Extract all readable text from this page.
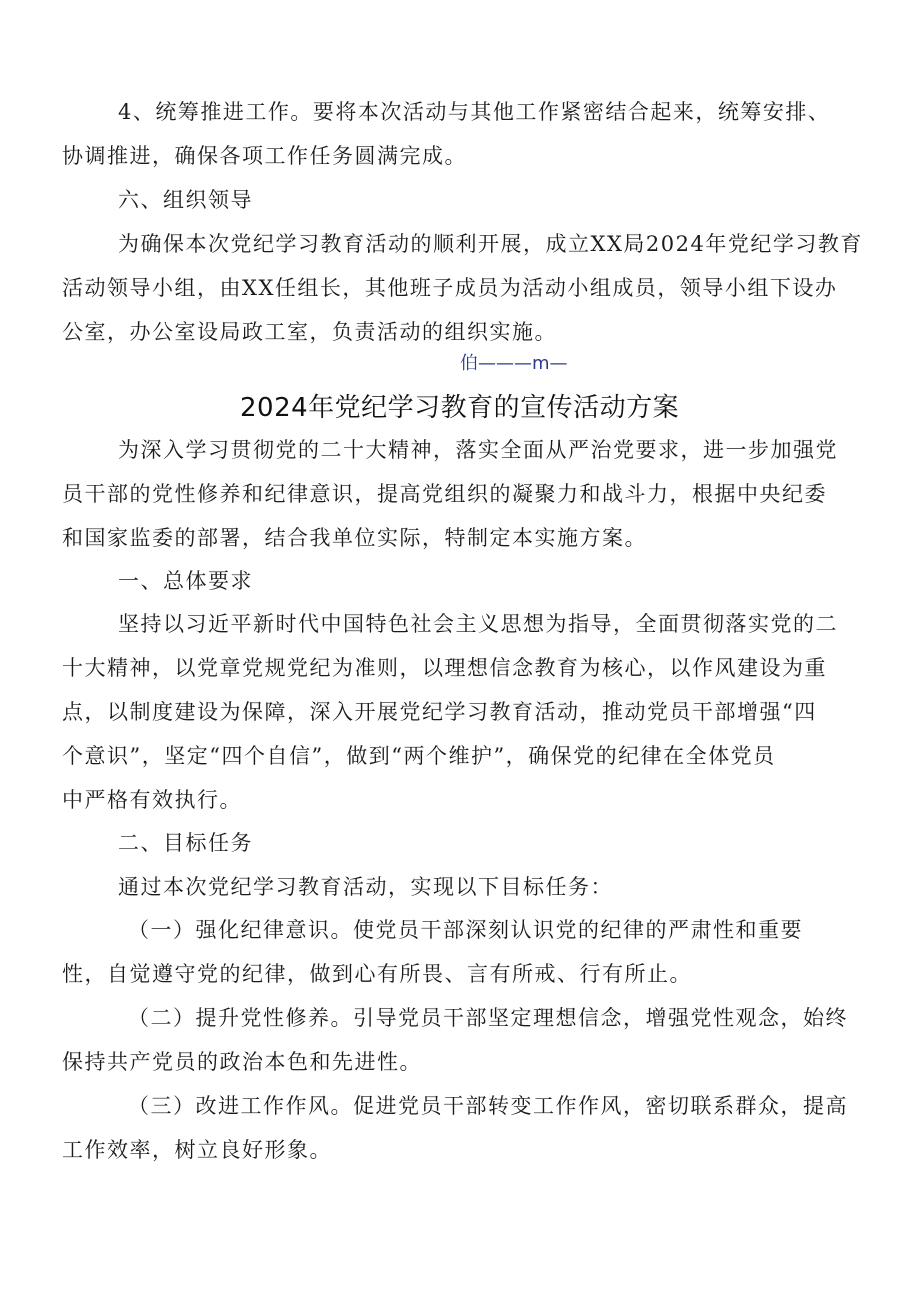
4、统筹推进工作。要将本次活动与其他工作紧密结合起来，统筹安排、
协调推进，确保各项工作任务圆满完成。
六、组织领导
为确保本次党纪学习教育活动的顺利开展，成立XX局2024年党纪学习教育
活动领导小组，由XX任组长，其他班子成员为活动小组成员，领导小组下设办
公室，办公室设局政工室，负责活动的组织实施。
伯———m—
2024年党纪学习教育的宣传活动方案
为深入学习贯彻党的二十大精神，落实全面从严治党要求，进一步加强党
员干部的党性修养和纪律意识，提高党组织的凝聚力和战斗力，根据中央纪委
和国家监委的部署，结合我单位实际，特制定本实施方案。
一、总体要求
坚持以习近平新时代中国特色社会主义思想为指导，全面贯彻落实党的二
十大精神，以党章党规党纪为准则，以理想信念教育为核心，以作风建设为重
点，以制度建设为保障，深入开展党纪学习教育活动，推动党员干部增强“四
个意识”，坚定“四个自信”，做到“两个维护”，确保党的纪律在全体党员
中严格有效执行。
二、目标任务
通过本次党纪学习教育活动，实现以下目标任务：
（一）强化纪律意识。使党员干部深刻认识党的纪律的严肃性和重要
性，自觉遵守党的纪律，做到心有所畏、言有所戒、行有所止。
（二）提升党性修养。引导党员干部坚定理想信念，增强党性观念，始终
保持共产党员的政治本色和先进性。
（三）改进工作作风。促进党员干部转变工作作风，密切联系群众，提高
工作效率，树立良好形象。
